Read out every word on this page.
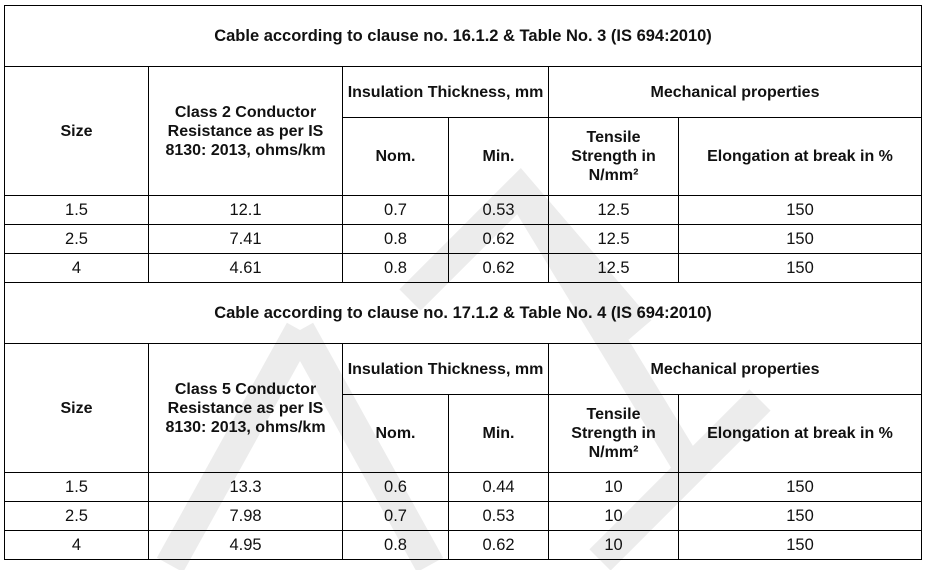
Cable according to clause no. 16.1.2 & Table No. 3 (IS 694:2010)					
Size	Class 2 Conductor Resistance as per IS 8130: 2013, ohms/km	Insulation Thickness, mm		Mechanical properties	
		Nom.	Min.	Tensile Strength in N/mm²	Elongation at break in %
1.5	12.1	0.7	0.53	12.5	150
2.5	7.41	0.8	0.62	12.5	150
4	4.61	0.8	0.62	12.5	150
Cable according to clause no. 17.1.2 & Table No. 4 (IS 694:2010)					
Size	Class 5 Conductor Resistance as per IS 8130: 2013, ohms/km	Insulation Thickness, mm		Mechanical properties	
		Nom.	Min.	Tensile Strength in N/mm²	Elongation at break in %
1.5	13.3	0.6	0.44	10	150
2.5	7.98	0.7	0.53	10	150
4	4.95	0.8	0.62	10	150
